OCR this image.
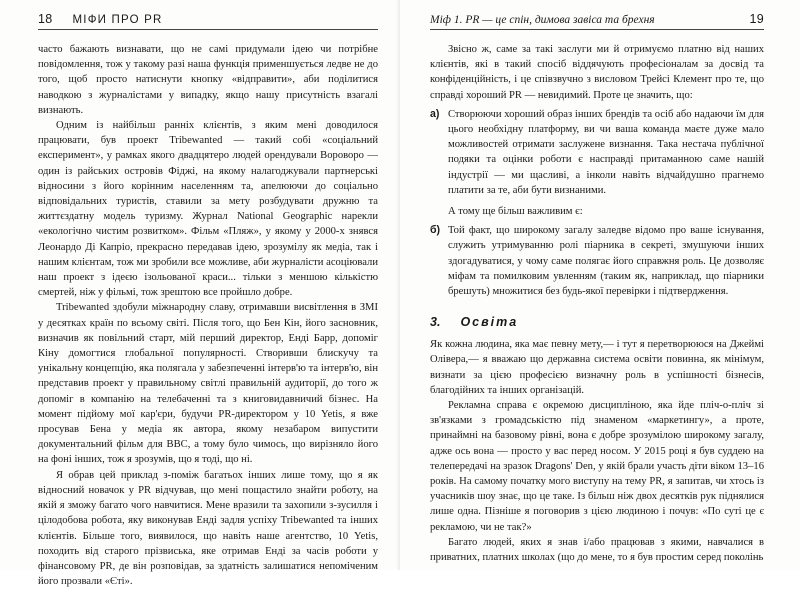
18 МІФИ ПРО PR

часто бажають визнавати, що не самі придумали ідею чи потрібне повідомлення, тож у такому разі наша функція применшується ледве не до того, щоб просто натиснути кнопку «відправити», аби поділитися наводкою з журналістами у випадку, якщо нашу присутність взагалі визнають.

Одним із найбільш ранніх клієнтів, з яким мені доводилося працювати, був проект Tribewanted — такий собі «соціальний експеримент», у рамках якого двадцятеро людей орендували Вороворо — один із райських островів Фіджі, на якому налагоджували партнерські відносини з його корінним населенням та, апелюючи до соціально відповідальних туристів, ставили за мету розбудувати дружню та життєздатну модель туризму. Журнал National Geographic нарекли «екологічно чистим розвитком». Фільм «Пляж», у якому у 2000-х знявся Леонардо Ді Капріо, прекрасно передавав ідею, зрозумілу як медіа, так і нашим клієнтам, тож ми зробили все можливе, аби журналісти асоціювали наш проект з ідеєю ізольованої краси... тільки з меншою кількістю смертей, ніж у фільмі, тож зрештою все пройшло добре.

Tribewanted здобули міжнародну славу, отримавши висвітлення в ЗМІ у десятках країн по всьому світі. Після того, що Бен Кін, його засновник, визначив як повільний старт, мій перший директор, Енді Барр, допоміг Кіну домогтися глобальної популярності. Створивши блискучу та унікальну концепцію, яка полягала у забезпеченні інтерв'ю та інтерв'ю, він представив проект у правильному світлі правильній аудиторії, до того ж допоміг в компанію на телебаченні та з книговидавничий бізнес. На момент підйому мої кар'єри, будучи PR-директором у 10 Yetis, я вже просував Бена у медіа як автора, якому незабаром випустити документальний фільм для BBC, а тому було чимось, що вирізняло його на фоні інших, тож я зрозумів, що я тоді, що ні.

Я обрав цей приклад з-поміж багатьох інших лише тому, що я як відносний новачок у PR відчував, що мені пощастило знайти роботу, на якій я зможу багато чого навчитися. Мене вразили та захопили з-зусилля і цілодобова робота, яку виконував Енді задля успіху Tribewanted та інших клієнтів. Більше того, виявилося, що навіть наше агентство, 10 Yetis, походить від старого прізвиська, яке отримав Енді за часів роботи у фінансовому PR, де він розповідав, за здатність залишатися непоміченим його прозвали «Єті».

Міф 1. PR — це спін, димова завіса та брехня	19

Звісно ж, саме за такі заслуги ми й отримуємо платню від наших клієнтів, які в такий спосіб віддячують професіоналам за досвід та конфіденційність, і це співзвучно з висловом Трейсі Клемент про те, що справді хороший PR — невидимий. Проте це значить, що:

а) Створюючи хороший образ інших брендів та осіб або надаючи їм для цього необхідну платформу, ви чи ваша команда маєте дуже мало можливостей отримати заслужене визнання. Така нестача публічної подяки та оцінки роботи є насправді притаманною саме нашій індустрії — ми щасливі, а інколи навіть відчайдушно прагнемо платити за те, аби бути визнаними.

А тому ще більш важливим є:

б) Той факт, що широкому загалу заледве відомо про ваше існування, служить утримуванню ролі піарника в секреті, змушуючи інших здогадуватися, у чому саме полягає його справжня роль. Це дозволяє міфам та помилковим увленням (таким як, наприклад, що піарники брешуть) множитися без будь-якої перевірки і підтвердження.

3. Освіта

Як кожна людина, яка має певну мету,— і тут я перетворююся на Джеймі Олівера,— я вважаю що державна система освіти повинна, як мінімум, визнати за цією професією визначну роль в успішності бізнесів, благодійних та інших організацій.

Рекламна справа є окремою дисципліною, яка йде пліч-о-пліч зі зв'язками з громадськістю під знаменом «маркетингу», а проте, принаймні на базовому рівні, вона є добре зрозумілою широкому загалу, адже ось вона — просто у вас перед носом. У 2015 році я був суддею на телепередачі на зразок Dragons' Den, у якій брали участь діти віком 13–16 років. На самому початку мого виступу на тему PR, я запитав, чи хтось із учасників шоу знає, що це таке. Із більш ніж двох десятків рук піднялися лише одна. Пізніше я поговорив з цією людиною і почув: «По суті це є рекламою, чи не так?»

Багато людей, яких я знав і/або працював з якими, навчалися в приватних, платних школах (що до мене, то я був простим серед поколінь
